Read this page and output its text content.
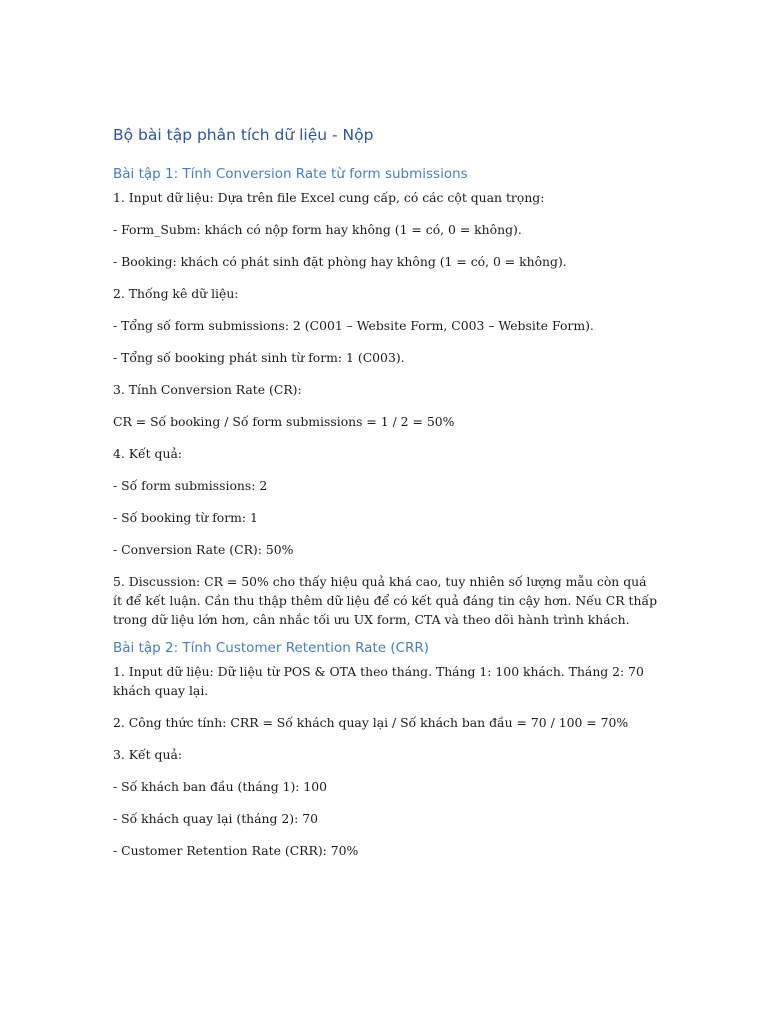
Bộ bài tập phân tích dữ liệu - Nộp
Bài tập 1: Tính Conversion Rate từ form submissions

1. Input dữ liệu: Dựa trên file Excel cung cấp, có các cột quan trọng:

- Form_Subm: khách có nộp form hay không (1 = có, 0 = không).

- Booking: khách có phát sinh đặt phòng hay không (1 = có, 0 = không).

2. Thống kê dữ liệu:

- Tổng số form submissions: 2 (C001 – Website Form, C003 – Website Form).

- Tổng số booking phát sinh từ form: 1 (C003).

3. Tính Conversion Rate (CR):

CR = Số booking / Số form submissions = 1 / 2 = 50%

4. Kết quả:

- Số form submissions: 2

- Số booking từ form: 1

- Conversion Rate (CR): 50%

5. Discussion: CR = 50% cho thấy hiệu quả khá cao, tuy nhiên số lượng mẫu còn quá ít để kết luận. Cần thu thập thêm dữ liệu để có kết quả đáng tin cậy hơn. Nếu CR thấp trong dữ liệu lớn hơn, cân nhắc tối ưu UX form, CTA và theo dõi hành trình khách.

Bài tập 2: Tính Customer Retention Rate (CRR)

1. Input dữ liệu: Dữ liệu từ POS & OTA theo tháng. Tháng 1: 100 khách. Tháng 2: 70 khách quay lại.

2. Công thức tính: CRR = Số khách quay lại / Số khách ban đầu = 70 / 100 = 70%

3. Kết quả:

- Số khách ban đầu (tháng 1): 100

- Số khách quay lại (tháng 2): 70

- Customer Retention Rate (CRR): 70%
